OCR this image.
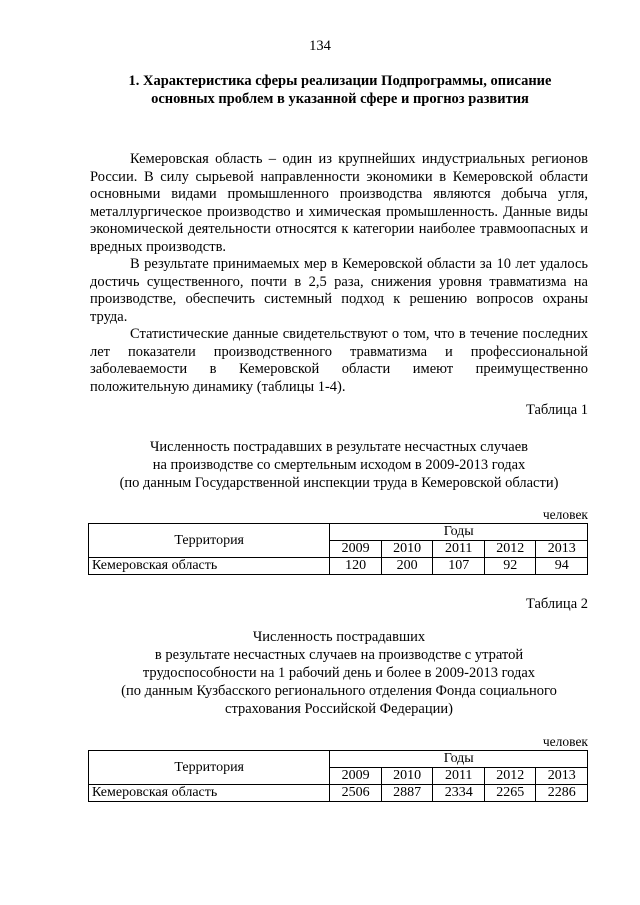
134
1. Характеристика сферы реализации Подпрограммы, описание
основных проблем в указанной сфере и прогноз развития

Кемеровская область – один из крупнейших индустриальных регионов России. В силу сырьевой направленности экономики в Кемеровской области основными видами промышленного производства являются добыча угля, металлургическое производство и химическая промышленность. Данные виды экономической деятельности относятся к категории наиболее травмоопасных и вредных производств.

В результате принимаемых мер в Кемеровской области за 10 лет удалось достичь существенного, почти в 2,5 раза, снижения уровня травматизма на производстве, обеспечить системный подход к решению вопросов охраны труда.

Статистические данные свидетельствуют о том, что в течение последних лет показатели производственного травматизма и профессиональной заболеваемости в Кемеровской области имеют преимущественно положительную динамику (таблицы 1-4).

Таблица 1
Численность пострадавших в результате несчастных случаев
на производстве со смертельным исходом в 2009-2013 годах
(по данным Государственной инспекции труда в Кемеровской области)
человек
Территория	Годы				
	2009	2010	2011	2012	2013
Кемеровская область	120	200	107	92	94
Таблица 2
Численность пострадавших
в результате несчастных случаев на производстве с утратой
трудоспособности на 1 рабочий день и более в 2009-2013 годах
(по данным Кузбасского регионального отделения Фонда социального
страхования Российской Федерации)
человек
Территория	Годы				
	2009	2010	2011	2012	2013
Кемеровская область	2506	2887	2334	2265	2286
